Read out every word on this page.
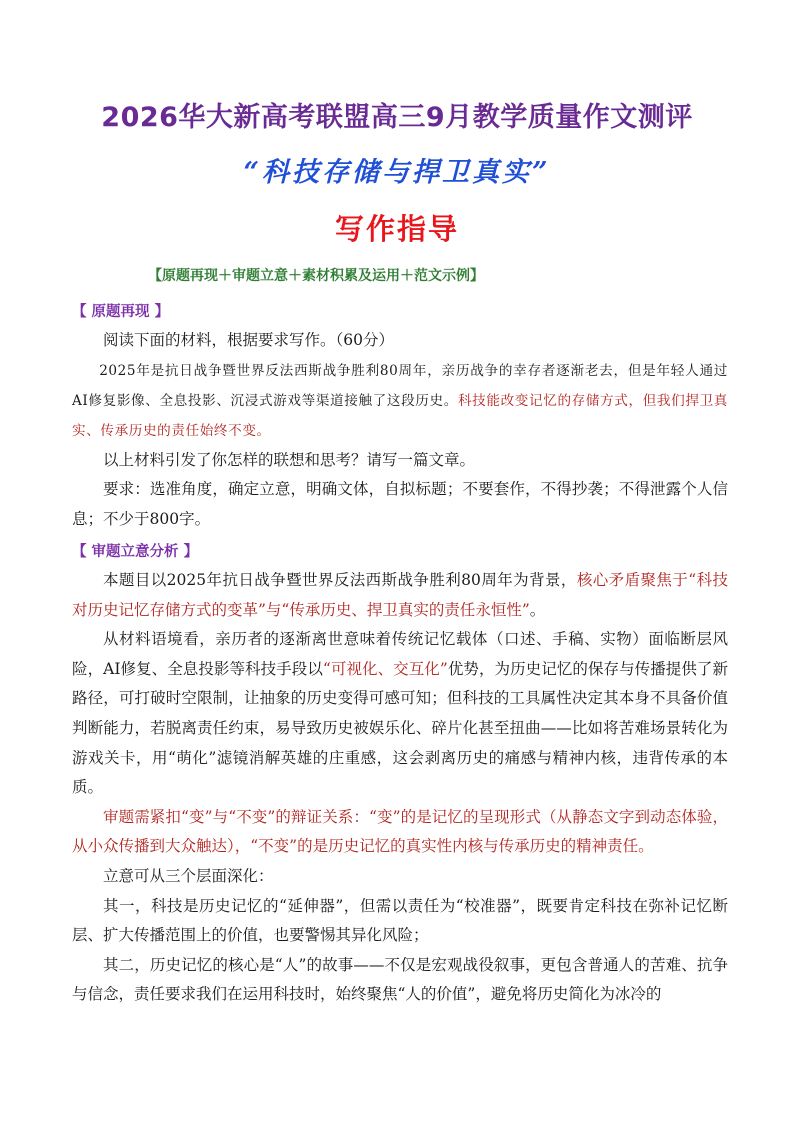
2026华大新高考联盟高三9月教学质量作文测评
“科技存储与捍卫真实”
写作指导
【原题再现＋审题立意＋素材积累及运用＋范文示例】
【 原题再现 】

阅读下面的材料，根据要求写作。（60分）

2025年是抗日战争暨世界反法西斯战争胜利80周年，亲历战争的幸存者逐渐老去，但是年轻人通过AI修复影像、全息投影、沉浸式游戏等渠道接触了这段历史。科技能改变记忆的存储方式，但我们捍卫真实、传承历史的责任始终不变。

以上材料引发了你怎样的联想和思考？请写一篇文章。

要求：选准角度，确定立意，明确文体，自拟标题；不要套作，不得抄袭；不得泄露个人信息；不少于800字。

【 审题立意分析 】

本题目以2025年抗日战争暨世界反法西斯战争胜利80周年为背景，核心矛盾聚焦于“科技对历史记忆存储方式的变革”与“传承历史、捍卫真实的责任永恒性”。

从材料语境看，亲历者的逐渐离世意味着传统记忆载体（口述、手稿、实物）面临断层风险，AI修复、全息投影等科技手段以“可视化、交互化”优势，为历史记忆的保存与传播提供了新路径，可打破时空限制，让抽象的历史变得可感可知；但科技的工具属性决定其本身不具备价值判断能力，若脱离责任约束，易导致历史被娱乐化、碎片化甚至扭曲——比如将苦难场景转化为游戏关卡，用“萌化”滤镜消解英雄的庄重感，这会剥离历史的痛感与精神内核，违背传承的本质。

审题需紧扣“变”与“不变”的辩证关系：“变”的是记忆的呈现形式（从静态文字到动态体验，从小众传播到大众触达），“不变”的是历史记忆的真实性内核与传承历史的精神责任。

立意可从三个层面深化：

其一，科技是历史记忆的“延伸器”，但需以责任为“校准器”，既要肯定科技在弥补记忆断层、扩大传播范围上的价值，也要警惕其异化风险；

其二，历史记忆的核心是“人”的故事——不仅是宏观战役叙事，更包含普通人的苦难、抗争与信念，责任要求我们在运用科技时，始终聚焦“人的价值”，避免将历史简化为冰冷的
